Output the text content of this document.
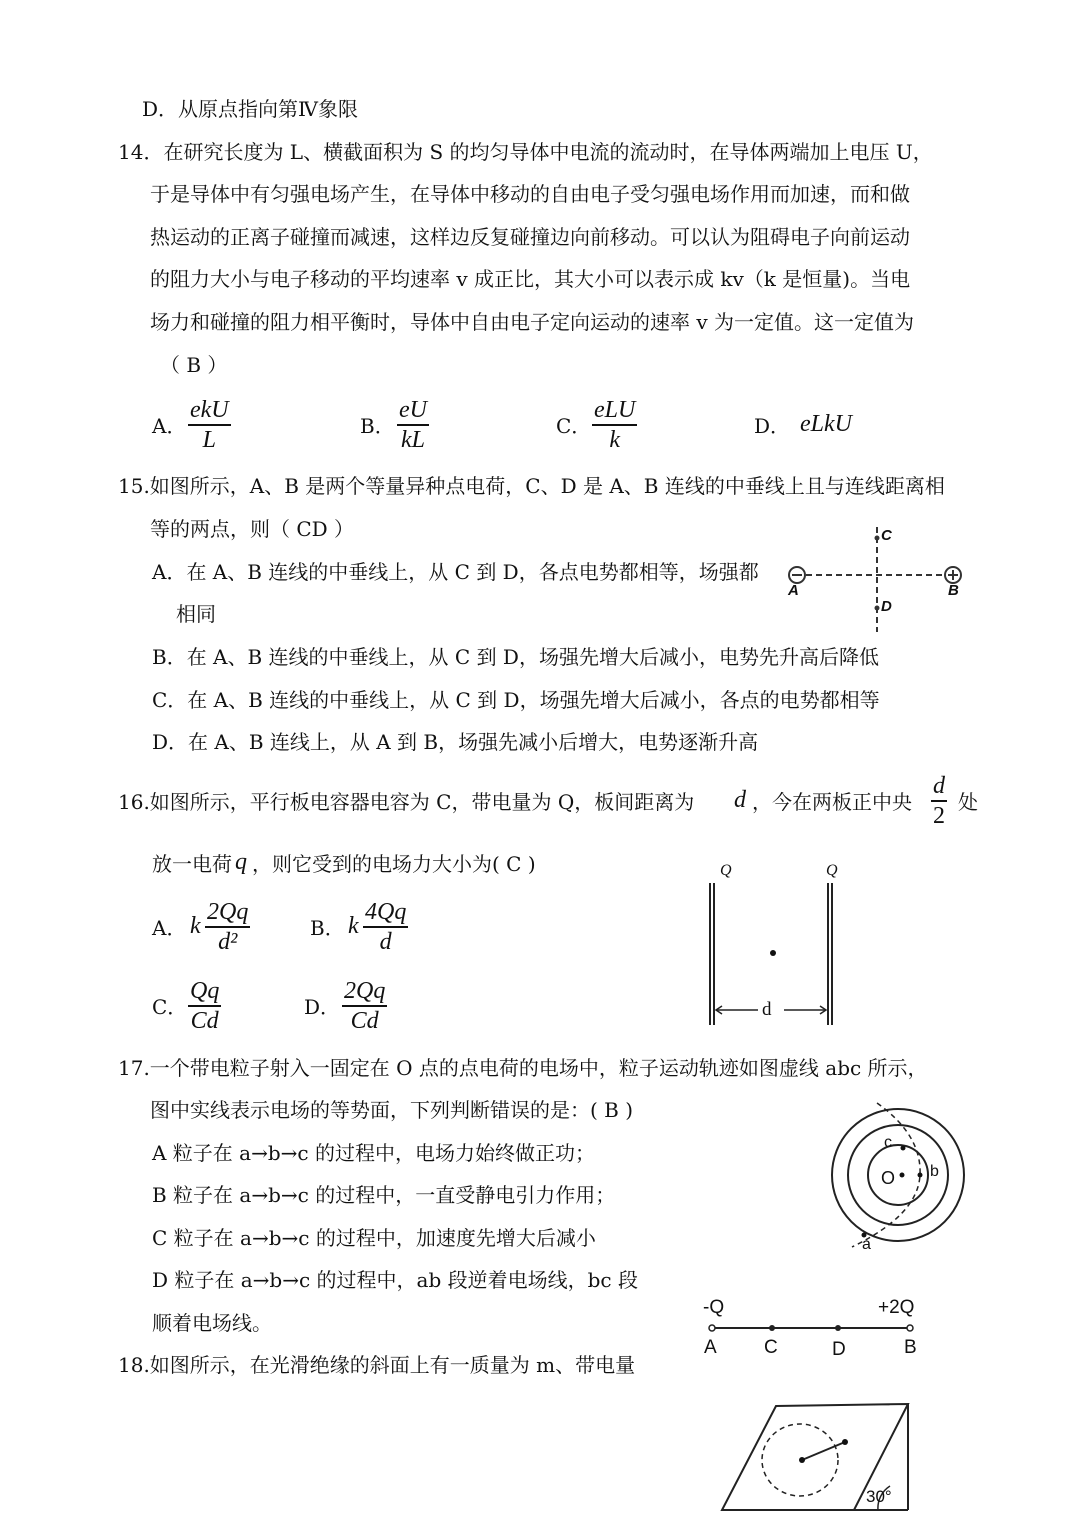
D．从原点指向第Ⅳ象限
14．在研究长度为 L、横截面积为 S 的均匀导体中电流的流动时，在导体两端加上电压 U，
于是导体中有匀强电场产生，在导体中移动的自由电子受匀强电场作用而加速，而和做
热运动的正离子碰撞而减速，这样边反复碰撞边向前移动。可以认为阻碍电子向前运动
的阻力大小与电子移动的平均速率 v 成正比，其大小可以表示成 kv（k 是恒量)。当电
场力和碰撞的阻力相平衡时，导体中自由电子定向运动的速率 v 为一定值。这一定值为
（ B ）
A．
ekU
L
B． $\frac{eU}{kL}$	C．
eLU
k
D． eLkU
15.如图所示，A、B 是两个等量异种点电荷，C、D 是 A、B 连线的中垂线上且与连线距离相
等的两点，则（ CD ）
A．在 A、B 连线的中垂线上，从 C 到 D，各点电势都相等，场强都
相同
B．在 A、B 连线的中垂线上，从 C 到 D，场强先增大后减小，电势先升高后降低
C．在 A、B 连线的中垂线上，从 C 到 D，场强先增大后减小，各点的电势都相等
D．在 A、B 连线上，从 A 到 B，场强先减小后增大，电势逐渐升高
A	B
C
D
16.如图所示，平行板电容器电容为 C，带电量为 Q，板间距离为 d ，今在两板正中央 $\frac{d}{2}$ 处
放一电荷 q ，则它受到的电场力大小为( C )
A． k $\frac{2Qq}{\text{d²}}$	B． k $\frac{4Qq}{d}$
C． $\frac{Qq}{Cd}$	D． $\frac{2Qq}{Cd}$
Q	Q
d
17.一个带电粒子射入一固定在 O 点的点电荷的电场中，粒子运动轨迹如图虚线 abc 所示，
图中实线表示电场的等势面，下列判断错误的是：( B )
A 粒子在 a→b→c 的过程中，电场力始终做正功；
B 粒子在 a→b→c 的过程中，一直受静电引力作用；
C 粒子在 a→b→c 的过程中，加速度先增大后减小
D 粒子在 a→b→c 的过程中，ab 段逆着电场线，bc 段
顺着电场线。
O b
c
a
-Q	+2Q
A C	D	B
18.如图所示，在光滑绝缘的斜面上有一质量为 m、带电量
30°
